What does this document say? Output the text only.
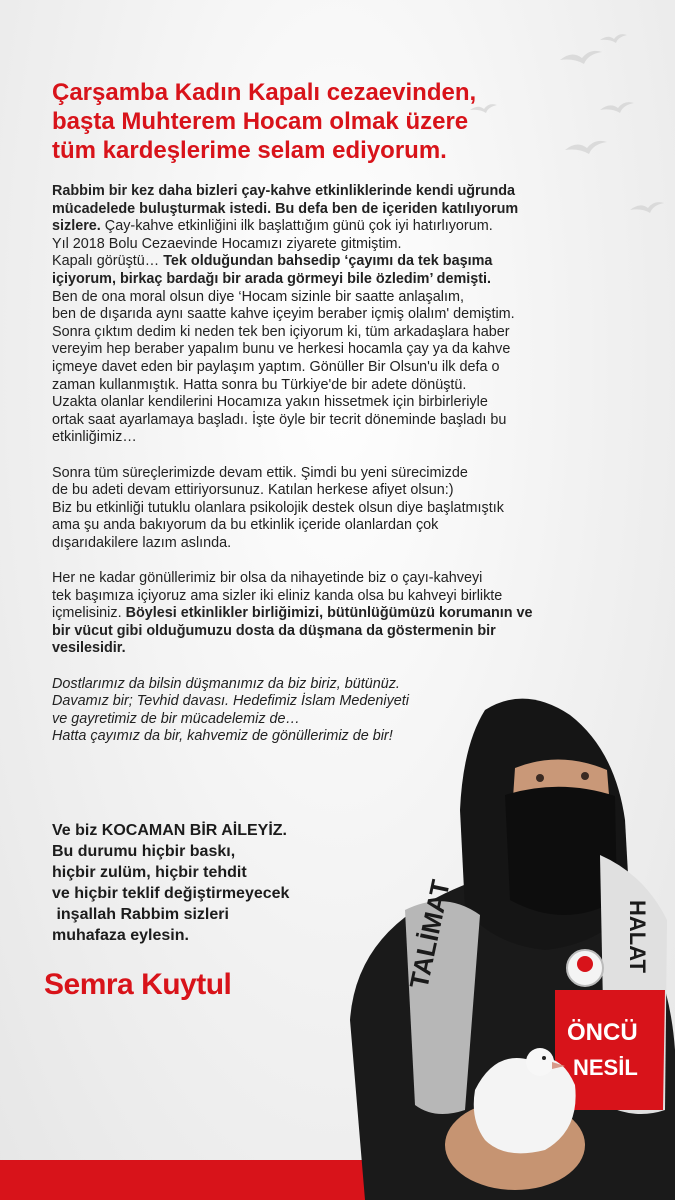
Çarşamba Kadın Kapalı cezaevinden,
başta Muhterem Hocam olmak üzere
tüm kardeşlerime selam ediyorum.
Rabbim bir kez daha bizleri çay-kahve etkinliklerinde kendi uğrunda
mücadelede buluşturmak istedi. Bu defa ben de içeriden katılıyorum
sizlere. Çay-kahve etkinliğini ilk başlattığım günü çok iyi hatırlıyorum.
Yıl 2018 Bolu Cezaevinde Hocamızı ziyarete gitmiştim.
Kapalı görüştü… Tek olduğundan bahsedip ‘çayımı da tek başıma
içiyorum, birkaç bardağı bir arada görmeyi bile özledim’ demişti.
Ben de ona moral olsun diye ‘Hocam sizinle bir saatte anlaşalım,
ben de dışarıda aynı saatte kahve içeyim beraber içmiş olalım' demiştim.
Sonra çıktım dedim ki neden tek ben içiyorum ki, tüm arkadaşlara haber
vereyim hep beraber yapalım bunu ve herkesi hocamla çay ya da kahve
içmeye davet eden bir paylaşım yaptım. Gönüller Bir Olsun'u ilk defa o
zaman kullanmıştık. Hatta sonra bu Türkiye'de bir adete dönüştü.
Uzakta olanlar kendilerini Hocamıza yakın hissetmek için birbirleriyle
ortak saat ayarlamaya başladı. İşte öyle bir tecrit döneminde başladı bu
etkinliğimiz…
Sonra tüm süreçlerimizde devam ettik. Şimdi bu yeni sürecimizde
de bu adeti devam ettiriyorsunuz. Katılan herkese afiyet olsun:)
Biz bu etkinliği tutuklu olanlara psikolojik destek olsun diye başlatmıştık
ama şu anda bakıyorum da bu etkinlik içeride olanlardan çok
dışarıdakilere lazım aslında.
Her ne kadar gönüllerimiz bir olsa da nihayetinde biz o çayı-kahveyi
tek başımıza içiyoruz ama sizler iki eliniz kanda olsa bu kahveyi birlikte
içmelisiniz. Böylesi etkinlikler birliğimizi, bütünlüğümüzü korumanın ve
bir vücut gibi olduğumuzu dosta da düşmana da göstermenin bir
vesilesidir.
Dostlarımız da bilsin düşmanımız da biz biriz, bütünüz.
Davamız bir; Tevhid davası. Hedefimiz İslam Medeniyeti
ve gayretimiz de bir mücadelemiz de…
Hatta çayımız da bir, kahvemiz de gönüllerimiz de bir!
Ve biz KOCAMAN BİR AİLEYİZ.
Bu durumu hiçbir baskı,
hiçbir zulüm, hiçbir tehdit
ve hiçbir teklif değiştirmeyecek
inşallah Rabbim sizleri
muhafaza eylesin.
Semra Kuytul	TALİMAT	HALAT
ÖNCÜ
NESİL
